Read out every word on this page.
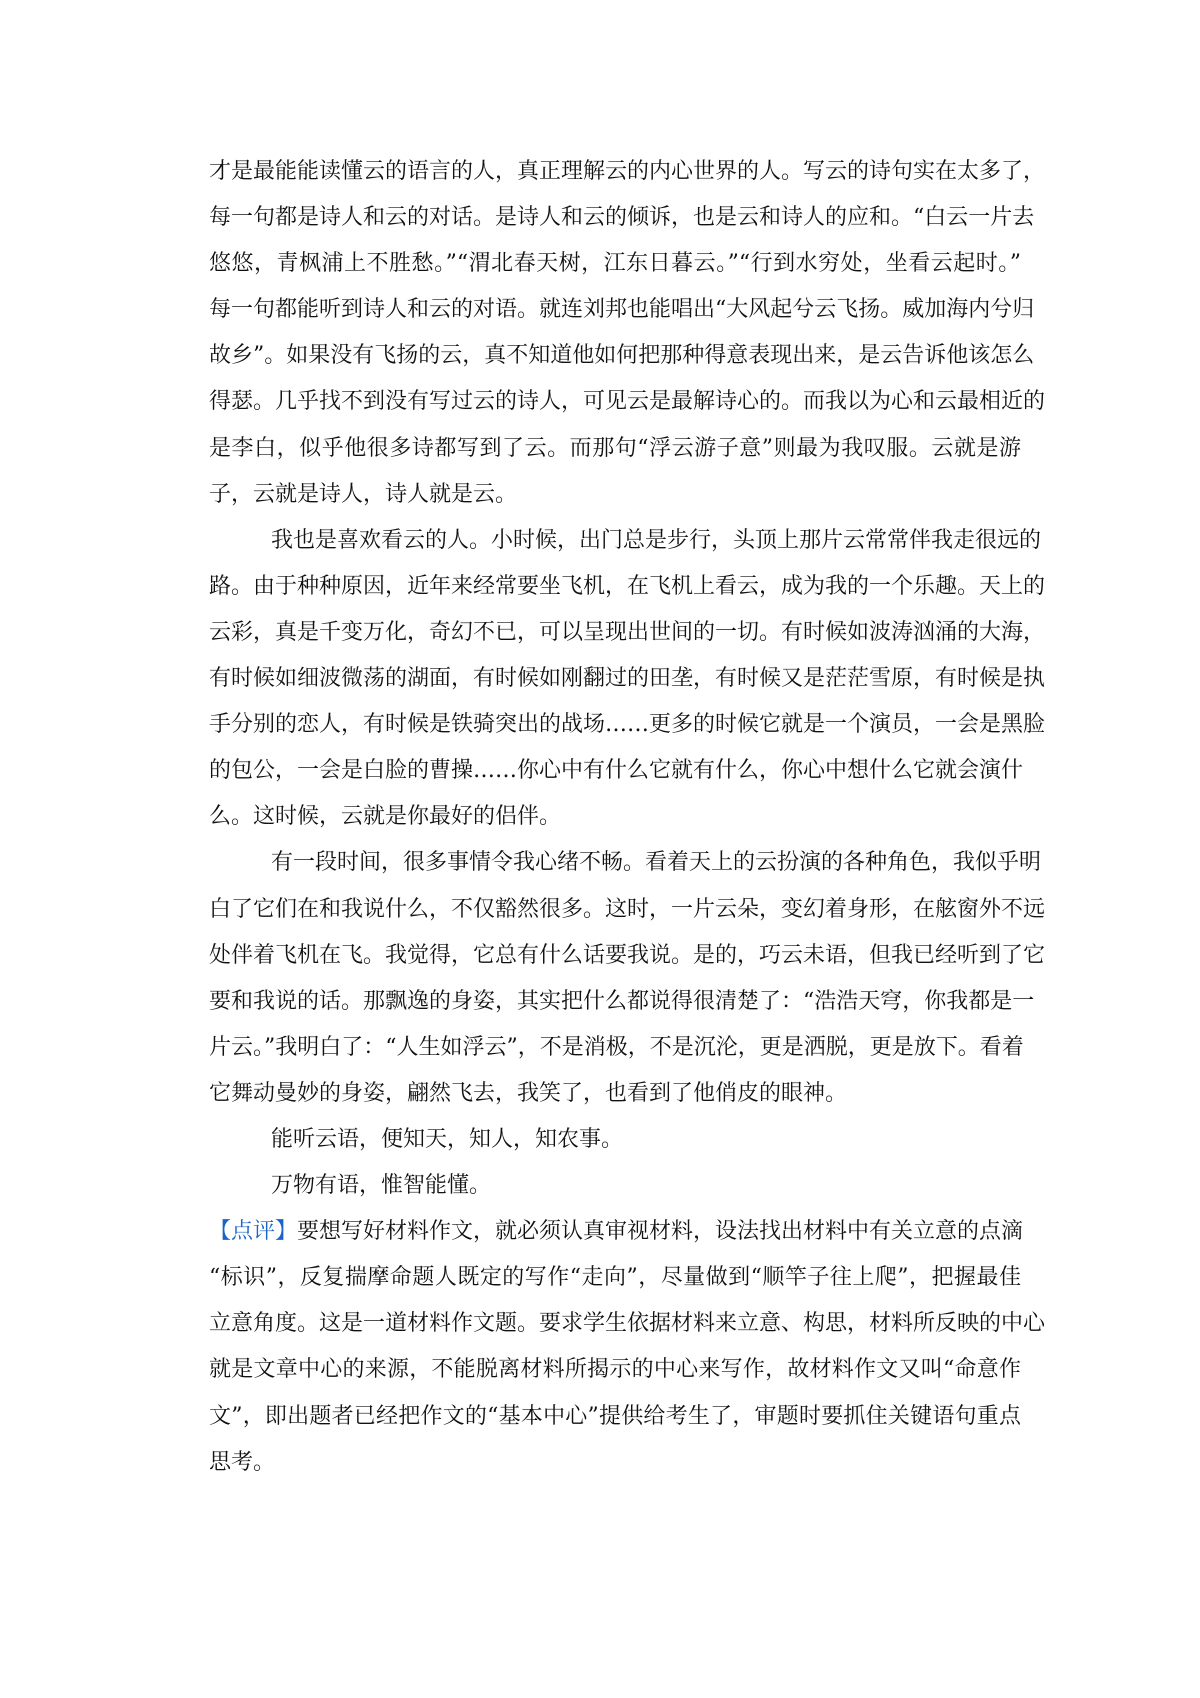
才是最能能读懂云的语言的人，真正理解云的内心世界的人。写云的诗句实在太多了，
每一句都是诗人和云的对话。是诗人和云的倾诉，也是云和诗人的应和。“白云一片去
悠悠，青枫浦上不胜愁。”“渭北春天树，江东日暮云。”“行到水穷处，坐看云起时。”
每一句都能听到诗人和云的对语。就连刘邦也能唱出“大风起兮云飞扬。威加海内兮归
故乡”。如果没有飞扬的云，真不知道他如何把那种得意表现出来，是云告诉他该怎么
得瑟。几乎找不到没有写过云的诗人，可见云是最解诗心的。而我以为心和云最相近的
是李白，似乎他很多诗都写到了云。而那句“浮云游子意”则最为我叹服。云就是游
子，云就是诗人，诗人就是云。
我也是喜欢看云的人。小时候，出门总是步行，头顶上那片云常常伴我走很远的
路。由于种种原因，近年来经常要坐飞机，在飞机上看云，成为我的一个乐趣。天上的
云彩，真是千变万化，奇幻不已，可以呈现出世间的一切。有时候如波涛汹涌的大海，
有时候如细波微荡的湖面，有时候如刚翻过的田垄，有时候又是茫茫雪原，有时候是执
手分别的恋人，有时候是铁骑突出的战场……更多的时候它就是一个演员，一会是黑脸
的包公，一会是白脸的曹操……你心中有什么它就有什么，你心中想什么它就会演什
么。这时候，云就是你最好的侣伴。
有一段时间，很多事情令我心绪不畅。看着天上的云扮演的各种角色，我似乎明
白了它们在和我说什么，不仅豁然很多。这时，一片云朵，变幻着身形，在舷窗外不远
处伴着飞机在飞。我觉得，它总有什么话要我说。是的，巧云未语，但我已经听到了它
要和我说的话。那飘逸的身姿，其实把什么都说得很清楚了：“浩浩天穹，你我都是一
片云。”我明白了：“人生如浮云”，不是消极，不是沉沦，更是洒脱，更是放下。看着
它舞动曼妙的身姿，翩然飞去，我笑了，也看到了他俏皮的眼神。
能听云语，便知天，知人，知农事。
万物有语，惟智能懂。
【点评】要想写好材料作文，就必须认真审视材料，设法找出材料中有关立意的点滴
“标识”，反复揣摩命题人既定的写作“走向”，尽量做到“顺竿子往上爬”，把握最佳
立意角度。这是一道材料作文题。要求学生依据材料来立意、构思，材料所反映的中心
就是文章中心的来源，不能脱离材料所揭示的中心来写作，故材料作文又叫“命意作
文”，即出题者已经把作文的“基本中心”提供给考生了，审题时要抓住关键语句重点
思考。
